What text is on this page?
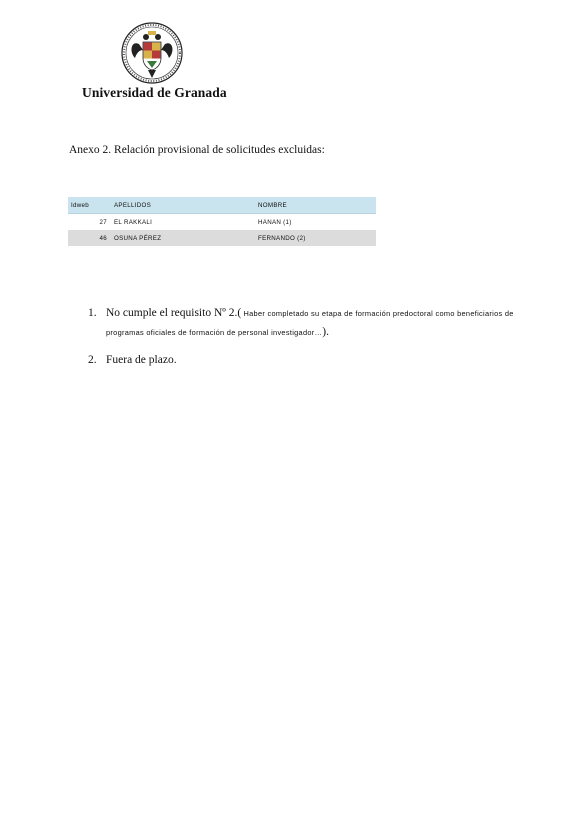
Universidad de Granada
Anexo 2. Relación provisional de solicitudes excluidas:
Idweb	APELLIDOS	NOMBRE
27	EL RAKKALI	HANAN (1)
46	OSUNA PÉREZ	FERNANDO (2)
1. No cumple el requisito Nº 2.( Haber completado su etapa de formación predoctoral como beneficiarios de programas oficiales de formación de personal investigador…).
2. Fuera de plazo.
